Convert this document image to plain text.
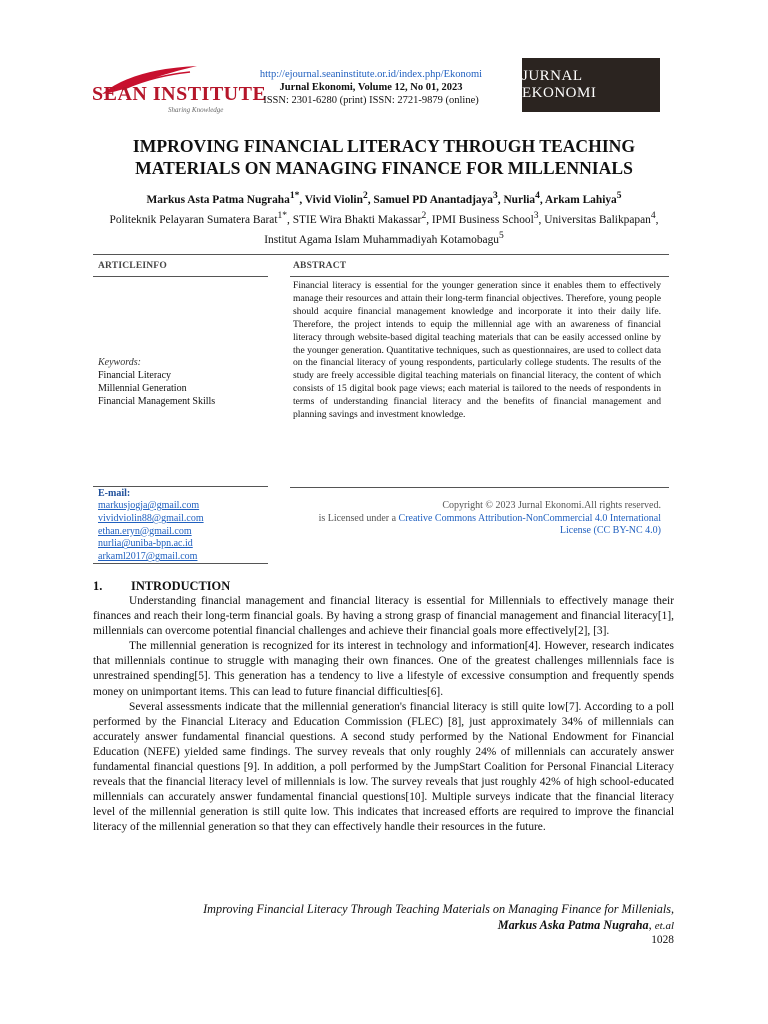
SEAN INSTITUTE
Sharing Knowledge
http://ejournal.seaninstitute.or.id/index.php/Ekonomi
Jurnal Ekonomi, Volume 12, No 01, 2023
ISSN: 2301-6280 (print) ISSN: 2721-9879 (online)
JURNAL EKONOMI
IMPROVING FINANCIAL LITERACY THROUGH TEACHING MATERIALS ON MANAGING FINANCE FOR MILLENNIALS
Markus Asta Patma Nugraha$^{1*}$, Vivid Violin$^2$, Samuel PD Anantadjaya$^3$, Nurlia$^4$, Arkam Lahiya$^5$
Politeknik Pelayaran Sumatera Barat$^{1*}$, STIE Wira Bhakti Makassar$^2$, IPMI Business School$^3$, Universitas Balikpapan$^4$, Institut Agama Islam Muhammadiyah Kotamobagu$^5$
ARTICLEINFO	ABSTRACT
Keywords:
Financial Literacy
Millennial Generation
Financial Management Skills
Financial literacy is essential for the younger generation since it enables them to effectively manage their resources and attain their long-term financial objectives. Therefore, young people should acquire financial management knowledge and incorporate it into their daily life. Therefore, the project intends to equip the millennial age with an awareness of financial literacy through website-based digital teaching materials that can be easily accessed online by the younger generation. Quantitative techniques, such as questionnaires, are used to collect data on the financial literacy of young respondents, particularly college students. The results of the study are freely accessible digital teaching materials on financial literacy, the content of which consists of 15 digital book page views; each material is tailored to the needs of respondents in terms of understanding financial literacy and the benefits of financial management and planning savings and investment knowledge.
E-mail:
markusjogja@gmail.com
vividviolin88@gmail.com
ethan.eryn@gmail.com
nurlia@uniba-bpn.ac.id
arkaml2017@gmail.com
Copyright © 2023 Jurnal Ekonomi.All rights reserved.
is Licensed under a Creative Commons Attribution-NonCommercial 4.0 International License (CC BY-NC 4.0)
1. INTRODUCTION

Understanding financial management and financial literacy is essential for Millennials to effectively manage their finances and reach their long-term financial goals. By having a strong grasp of financial management and financial literacy[1], millennials can overcome potential financial challenges and achieve their financial goals more effectively[2], [3].

The millennial generation is recognized for its interest in technology and information[4]. However, research indicates that millennials continue to struggle with managing their own finances. One of the greatest challenges millennials face is unrestrained spending[5]. This generation has a tendency to live a lifestyle of excessive consumption and frequently spends money on unimportant items. This can lead to future financial difficulties[6].

Several assessments indicate that the millennial generation's financial literacy is still quite low[7]. According to a poll performed by the Financial Literacy and Education Commission (FLEC) [8], just approximately 34% of millennials can accurately answer fundamental financial questions. A second study performed by the National Endowment for Financial Education (NEFE) yielded same findings. The survey reveals that only roughly 24% of millennials can accurately answer fundamental financial questions [9]. In addition, a poll performed by the JumpStart Coalition for Personal Financial Literacy reveals that the financial literacy level of millennials is low. The survey reveals that just roughly 42% of high school-educated millennials can accurately answer fundamental financial questions[10]. Multiple surveys indicate that the financial literacy level of the millennial generation is still quite low. This indicates that increased efforts are required to improve the financial literacy of the millennial generation so that they can effectively handle their resources in the future.

Improving Financial Literacy Through Teaching Materials on Managing Finance for Millenials,
Markus Aska Patma Nugraha, et.al
1028
